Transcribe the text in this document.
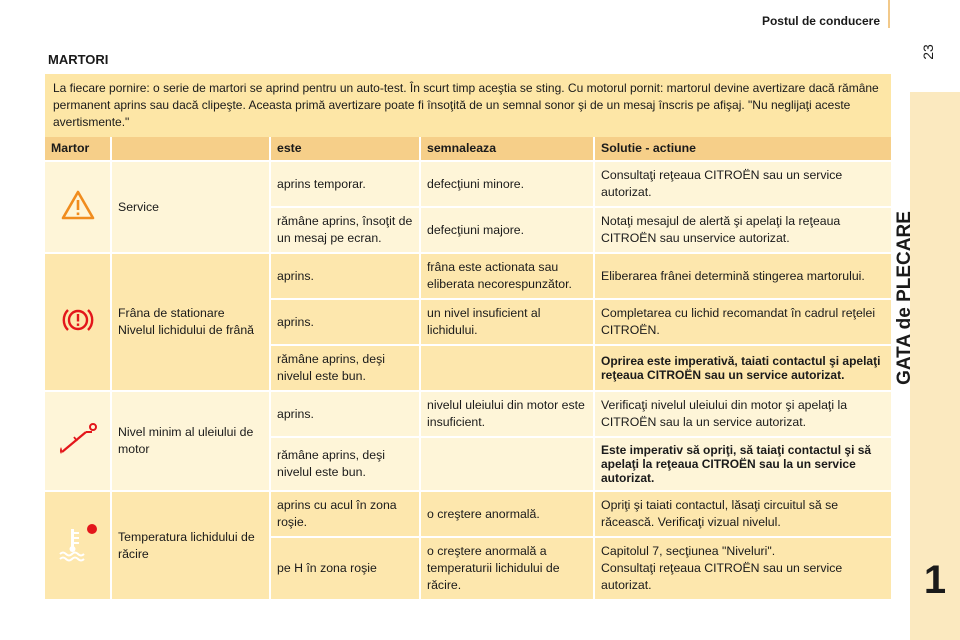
Postul de conducere
23
GATA de PLECARE
1
MARTORI
La fiecare pornire: o serie de martori se aprind pentru un auto-test. În scurt timp aceştia se sting. Cu motorul pornit: martorul devine avertizare dacă rămâne permanent aprins sau dacă clipeşte. Aceasta primă avertizare poate fi însoţită de un semnal sonor şi de un mesaj înscris pe afişaj. "Nu neglijaţi aceste avertismente."
Martor		este	semnaleaza	Solutie - actiune
	Service	aprins temporar.	defecţiuni minore.	Consultaţi reţeaua CITROËN sau un service autorizat.
		rămâne aprins, însoţit de un mesaj pe ecran.	defecţiuni majore.	Notaţi mesajul de alertă şi apelaţi la reţeaua CITROËN sau unservice autorizat.
	Frâna de stationare
Nivelul lichidului de frână	aprins.	frâna este actionata sau eliberata necorespunzător.	Eliberarea frânei determină stingerea martorului.
		aprins.	un nivel insuficient al lichidului.	Completarea cu lichid recomandat în cadrul reţelei CITROËN.
		rămâne aprins, deşi nivelul este bun.		Oprirea este imperativă, taiati contactul şi apelaţi reţeaua CITROËN sau un service autorizat.
	Nivel minim al uleiului de motor	aprins.	nivelul uleiului din motor este insuficient.	Verificaţi nivelul uleiului din motor şi apelaţi la CITROËN sau la un service autorizat.
		rămâne aprins, deşi nivelul este bun.		Este imperativ să opriţi, să taiaţi contactul şi să apelaţi la reţeaua CITROËN sau la un service autorizat.
	Temperatura lichidului de răcire	aprins cu acul în zona roşie.	o creştere anormală.	Opriţi şi taiati contactul, lăsaţi circuitul să se răcească. Verificaţi vizual nivelul.
		pe H în zona roşie	o creştere anormală a temperaturii lichidului de răcire.	Capitolul 7, secţiunea "Niveluri".
Consultaţi reţeaua CITROËN sau un service autorizat.
